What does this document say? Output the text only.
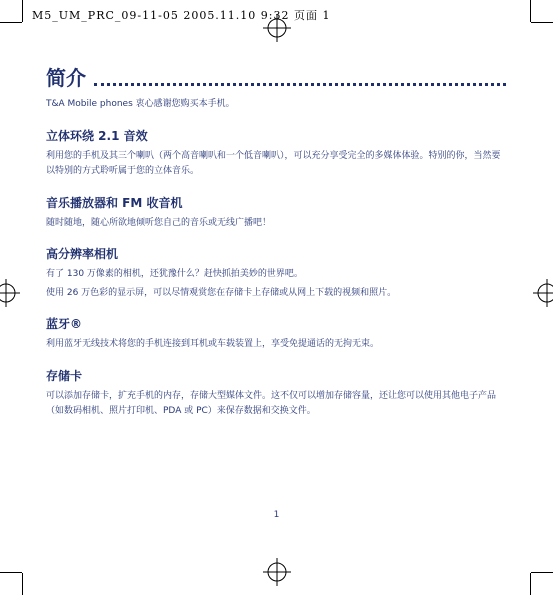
M5_UM_PRC_09-11-05 2005.11.10 9:32 页面 1
简介

T&A Mobile phones 衷心感谢您购买本手机。

立体环绕 2.1 音效

利用您的手机及其三个喇叭（两个高音喇叭和一个低音喇叭），可以充分享受完全的多媒体体验。特别的你，当然要以特别的方式聆听属于您的立体音乐。

音乐播放器和 FM 收音机

随时随地，随心所欲地倾听您自己的音乐或无线广播吧！

高分辨率相机

有了 130 万像素的相机，还犹豫什么？赶快抓拍美妙的世界吧。

使用 26 万色彩的显示屏，可以尽情观赏您在存储卡上存储或从网上下载的视频和照片。

蓝牙®

利用蓝牙无线技术将您的手机连接到耳机或车载装置上，享受免提通话的无拘无束。

存储卡

可以添加存储卡，扩充手机的内存，存储大型媒体文件。这不仅可以增加存储容量，还让您可以使用其他电子产品（如数码相机、照片打印机、PDA 或 PC）来保存数据和交换文件。

1
